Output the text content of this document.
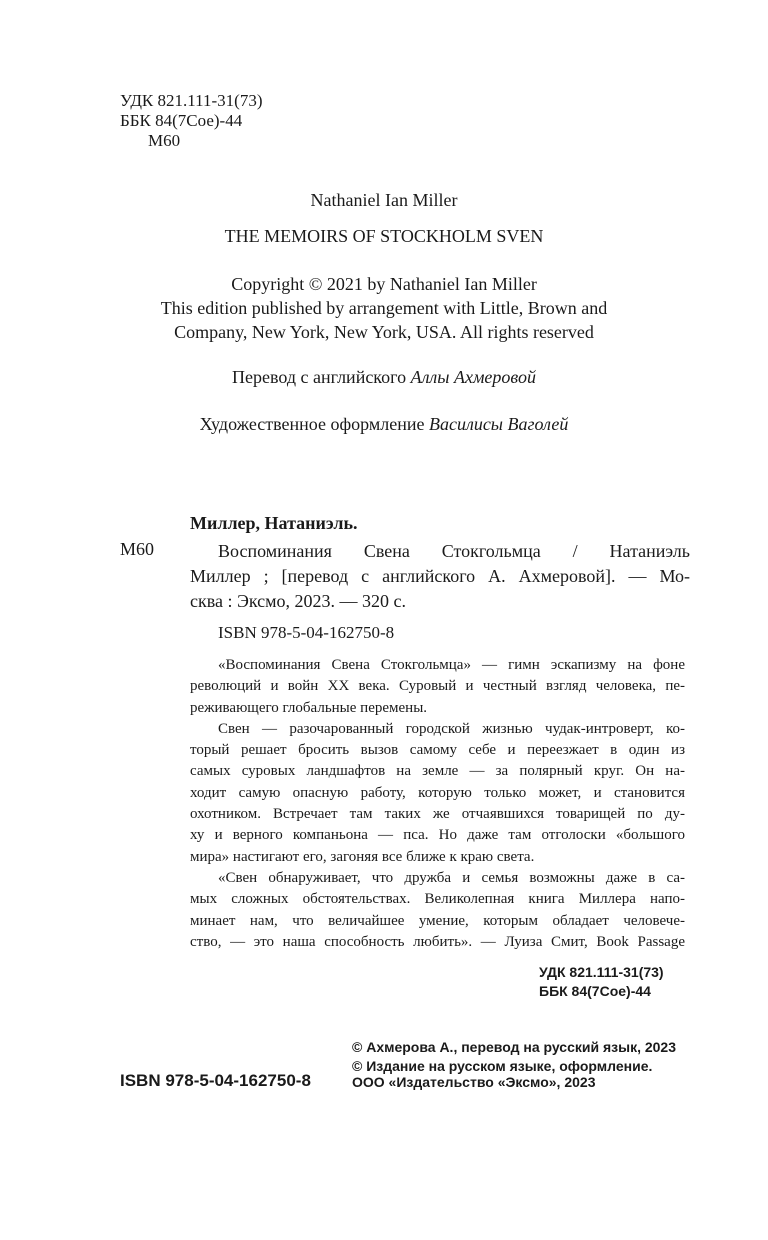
УДК 821.111-31(73)
ББК 84(7Сое)-44
М60
Nathaniel Ian Miller
THE MEMOIRS OF STOCKHOLM SVEN
Copyright © 2021 by Nathaniel Ian Miller
This edition published by arrangement with Little, Brown and
Company, New York, New York, USA. All rights reserved
Перевод с английского Аллы Ахмеровой
Художественное оформление Василисы Ваголей
Миллер, Натаниэль.
М60	Воспоминания Свена Стокгольмца / Натаниэль
Миллер ; [перевод с английского А. Ахмеровой]. — Мо-
сква : Эксмо, 2023. — 320 с.
ISBN 978-5-04-162750-8
«Воспоминания Свена Стокгольмца» — гимн эскапизму на фоне
революций и войн XX века. Суровый и честный взгляд человека, пе-
реживающего глобальные перемены.
Свен — разочарованный городской жизнью чудак-интроверт, ко-
торый решает бросить вызов самому себе и переезжает в один из
самых суровых ландшафтов на земле — за полярный круг. Он на-
ходит самую опасную работу, которую только может, и становится
охотником. Встречает там таких же отчаявшихся товарищей по ду-
ху и верного компаньона — пса. Но даже там отголоски «большого
мира» настигают его, загоняя все ближе к краю света.
«Свен обнаруживает, что дружба и семья возможны даже в са-
мых сложных обстоятельствах. Великолепная книга Миллера напо-
минает нам, что величайшее умение, которым обладает человече-
ство, — это наша способность любить». — Луиза Смит, Book Passage
УДК 821.111-31(73)
ББК 84(7Сое)-44
ISBN 978-5-04-162750-8
© Ахмерова А., перевод на русский язык, 2023
© Издание на русском языке, оформление.
ООО «Издательство «Эксмо», 2023
